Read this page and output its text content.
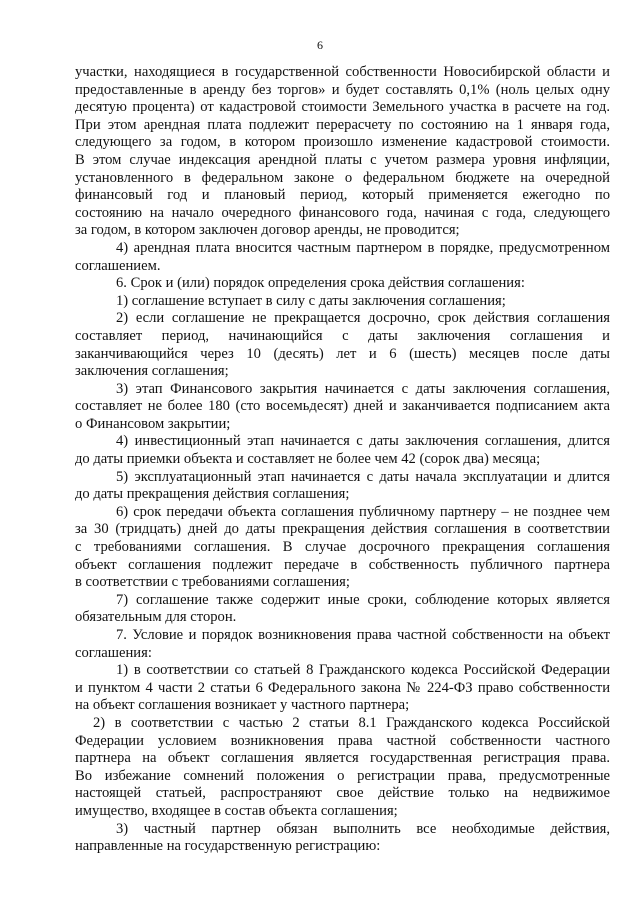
6
участки, находящиеся в государственной собственности Новосибирской области и
предоставленные в аренду без торгов» и будет составлять 0,1% (ноль целых одну
десятую процента) от кадастровой стоимости Земельного участка в расчете на год.
При этом арендная плата подлежит перерасчету по состоянию на 1 января года,
следующего за годом, в котором произошло изменение кадастровой стоимости.
В этом случае индексация арендной платы с учетом размера уровня инфляции,
установленного в федеральном законе о федеральном бюджете на очередной
финансовый год и плановый период, который применяется ежегодно по
состоянию на начало очередного финансового года, начиная с года, следующего
за годом, в котором заключен договор аренды, не проводится;
4) арендная плата вносится частным партнером в порядке, предусмотренном
соглашением.
6. Срок и (или) порядок определения срока действия соглашения:
1) соглашение вступает в силу с даты заключения соглашения;
2) если соглашение не прекращается досрочно, срок действия соглашения
составляет период, начинающийся с даты заключения соглашения и
заканчивающийся через 10 (десять) лет и 6 (шесть) месяцев после даты
заключения соглашения;
3) этап Финансового закрытия начинается с даты заключения соглашения,
составляет не более 180 (сто восемьдесят) дней и заканчивается подписанием акта
о Финансовом закрытии;
4) инвестиционный этап начинается с даты заключения соглашения, длится
до даты приемки объекта и составляет не более чем 42 (сорок два) месяца;
5) эксплуатационный этап начинается с даты начала эксплуатации и длится
до даты прекращения действия соглашения;
6) срок передачи объекта соглашения публичному партнеру – не позднее чем
за 30 (тридцать) дней до даты прекращения действия соглашения в соответствии
с требованиями соглашения. В случае досрочного прекращения соглашения
объект соглашения подлежит передаче в собственность публичного партнера
в соответствии с требованиями соглашения;
7) соглашение также содержит иные сроки, соблюдение которых является
обязательным для сторон.
7. Условие и порядок возникновения права частной собственности на объект
соглашения:
1) в соответствии со статьей 8 Гражданского кодекса Российской Федерации
и пунктом 4 части 2 статьи 6 Федерального закона № 224-ФЗ право собственности
на объект соглашения возникает у частного партнера;
2) в соответствии с частью 2 статьи 8.1 Гражданского кодекса Российской
Федерации условием возникновения права частной собственности частного
партнера на объект соглашения является государственная регистрация права.
Во избежание сомнений положения о регистрации права, предусмотренные
настоящей статьей, распространяют свое действие только на недвижимое
имущество, входящее в состав объекта соглашения;
3) частный партнер обязан выполнить все необходимые действия,
направленные на государственную регистрацию:
